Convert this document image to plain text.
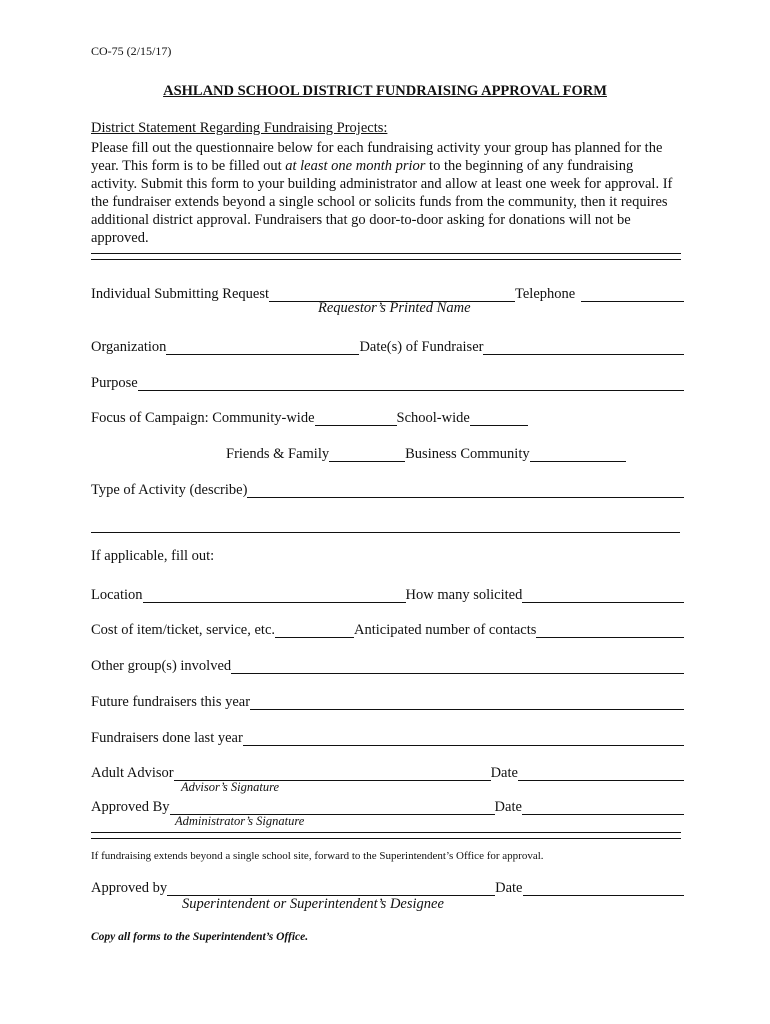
CO-75 (2/15/17)
ASHLAND SCHOOL DISTRICT FUNDRAISING APPROVAL FORM
District Statement Regarding Fundraising Projects:
Please fill out the questionnaire below for each fundraising activity your group has planned for the year. This form is to be filled out at least one month prior to the beginning of any fundraising activity. Submit this form to your building administrator and allow at least one week for approval. If the fundraiser extends beyond a single school or solicits funds from the community, then it requires additional district approval. Fundraisers that go door-to-door asking for donations will not be approved.
Individual Submitting Request	Telephone
Requestor’s Printed Name
Organization	Date(s) of Fundraiser
Purpose
Focus of Campaign: Community-wide	School-wide
Friends & Family	Business Community
Type of Activity (describe)
If applicable, fill out:
Location	How many solicited
Cost of item/ticket, service, etc.	Anticipated number of contacts
Other group(s) involved
Future fundraisers this year
Fundraisers done last year
Adult Advisor	Date
Advisor’s Signature
Approved By	Date
Administrator’s Signature
If fundraising extends beyond a single school site, forward to the Superintendent’s Office for approval.
Approved by	Date
Superintendent or Superintendent’s Designee
Copy all forms to the Superintendent’s Office.
